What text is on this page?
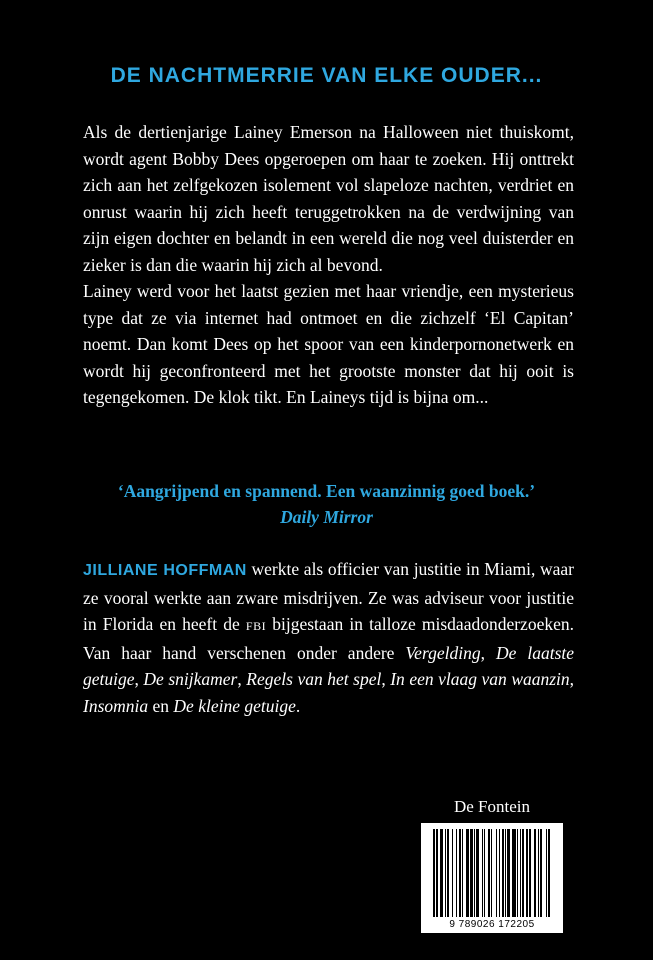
DE NACHTMERRIE VAN ELKE OUDER...

Als de dertienjarige Lainey Emerson na Halloween niet thuiskomt, wordt agent Bobby Dees opgeroepen om haar te zoeken. Hij onttrekt zich aan het zelfgekozen isolement vol slapeloze nachten, verdriet en onrust waarin hij zich heeft teruggetrokken na de verdwijning van zijn eigen dochter en belandt in een wereld die nog veel duisterder en zieker is dan die waarin hij zich al bevond.

Lainey werd voor het laatst gezien met haar vriendje, een mysterieus type dat ze via internet had ontmoet en die zichzelf ‘El Capitan’ noemt. Dan komt Dees op het spoor van een kinderpornonetwerk en wordt hij geconfronteerd met het grootste monster dat hij ooit is tegengekomen. De klok tikt. En Laineys tijd is bijna om...

‘Aangrijpend en spannend. Een waanzinnig goed boek.’
Daily Mirror
JILLIANE HOFFMAN werkte als officier van justitie in Miami, waar ze vooral werkte aan zware misdrijven. Ze was adviseur voor justitie in Florida en heeft de FBI bijgestaan in talloze misdaadonderzoeken. Van haar hand verschenen onder andere Vergelding, De laatste getuige, De snijkamer, Regels van het spel, In een vlaag van waanzin, Insomnia en De kleine getuige.
De Fontein
9 789026 172205
